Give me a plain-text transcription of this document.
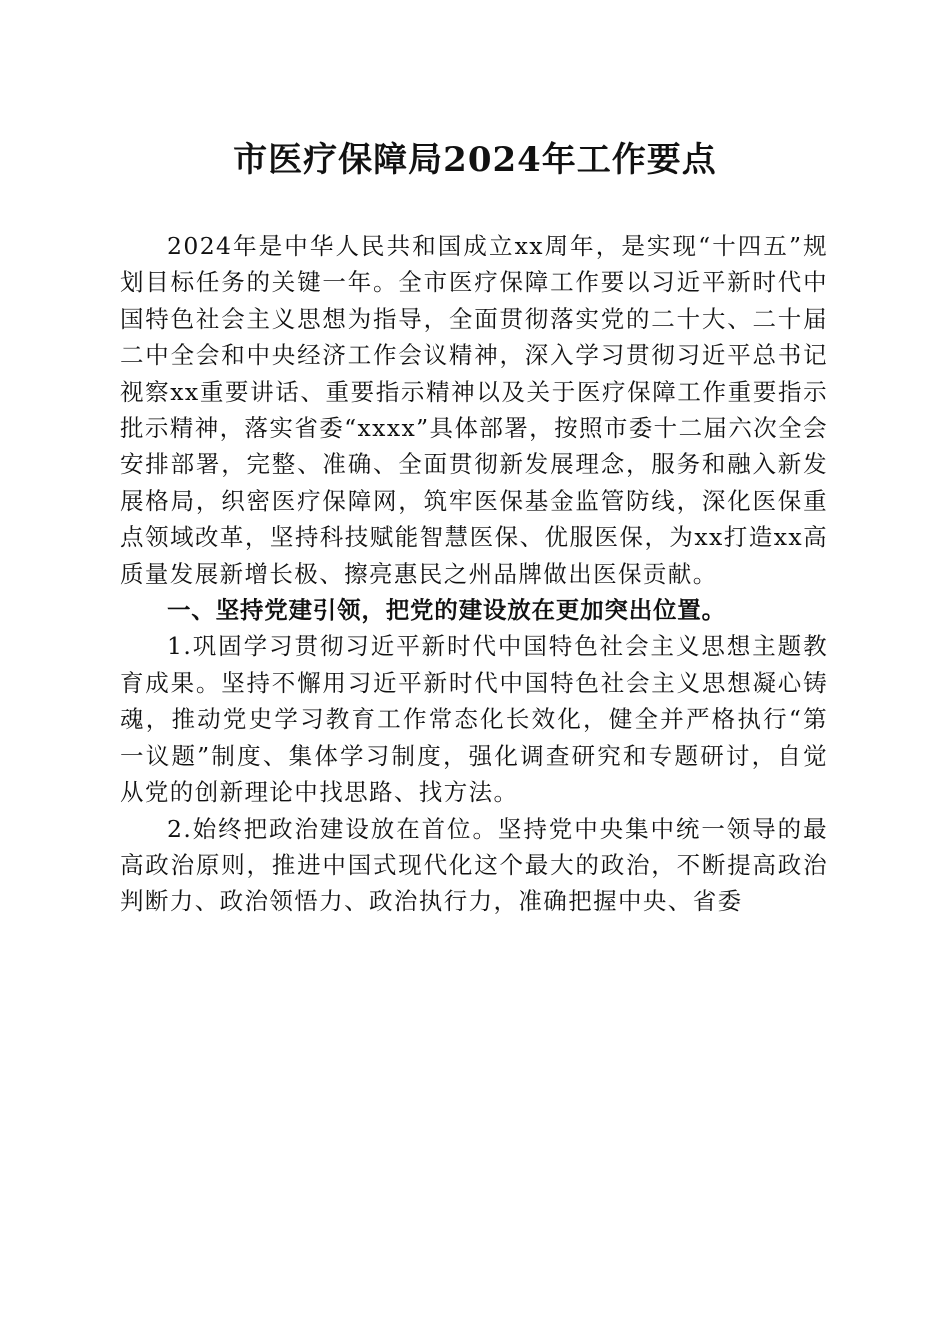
市医疗保障局2024年工作要点

2024年是中华人民共和国成立xx周年，是实现“十四五”规划目标任务的关键一年。全市医疗保障工作要以习近平新时代中国特色社会主义思想为指导，全面贯彻落实党的二十大、二十届二中全会和中央经济工作会议精神，深入学习贯彻习近平总书记视察xx重要讲话、重要指示精神以及关于医疗保障工作重要指示批示精神，落实省委“xxxx”具体部署，按照市委十二届六次全会安排部署，完整、准确、全面贯彻新发展理念，服务和融入新发展格局，织密医疗保障网，筑牢医保基金监管防线，深化医保重点领域改革，坚持科技赋能智慧医保、优服医保，为xx打造xx高质量发展新增长极、擦亮惠民之州品牌做出医保贡献。

一、坚持党建引领，把党的建设放在更加突出位置。

1.巩固学习贯彻习近平新时代中国特色社会主义思想主题教育成果。坚持不懈用习近平新时代中国特色社会主义思想凝心铸魂，推动党史学习教育工作常态化长效化，健全并严格执行“第一议题”制度、集体学习制度，强化调查研究和专题研讨，自觉从党的创新理论中找思路、找方法。

2.始终把政治建设放在首位。坚持党中央集中统一领导的最高政治原则，推进中国式现代化这个最大的政治，不断提高政治判断力、政治领悟力、政治执行力，准确把握中央、省委
